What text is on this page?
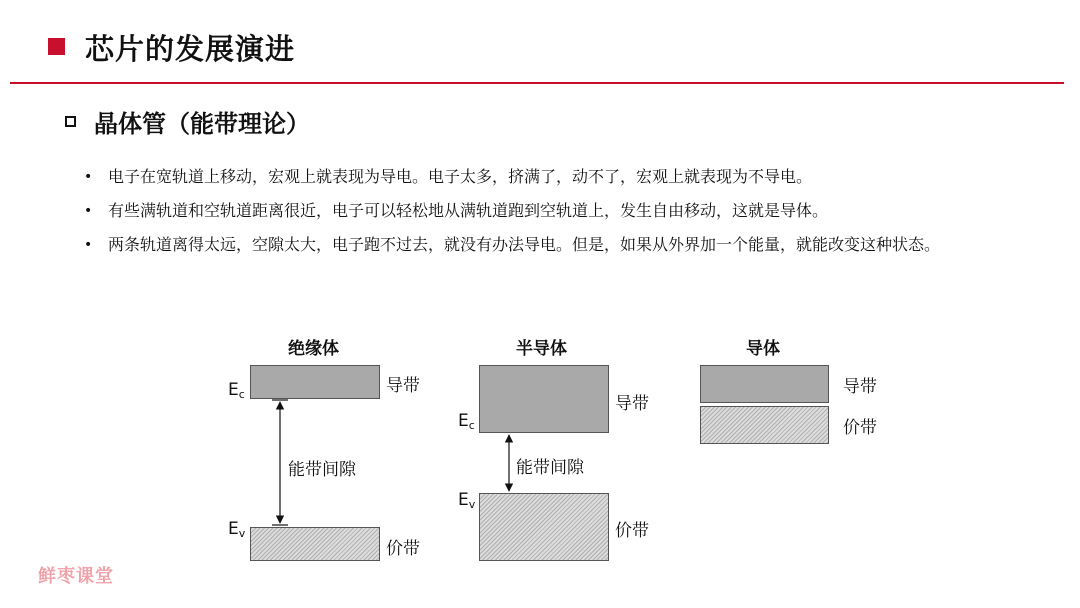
芯片的发展演进
晶体管（能带理论）
• 电子在宽轨道上移动，宏观上就表现为导电。电子太多，挤满了，动不了，宏观上就表现为不导电。
• 有些满轨道和空轨道距离很近，电子可以轻松地从满轨道跑到空轨道上，发生自由移动，这就是导体。
• 两条轨道离得太远，空隙太大，电子跑不过去，就没有办法导电。但是，如果从外界加一个能量，就能改变这种状态。
绝缘体
导带
$E_c$
能带间隙
$E_v$
价带
半导体
导带
$E_c$
能带间隙
$E_v$
价带
导体
导带
价带
鲜枣课堂
